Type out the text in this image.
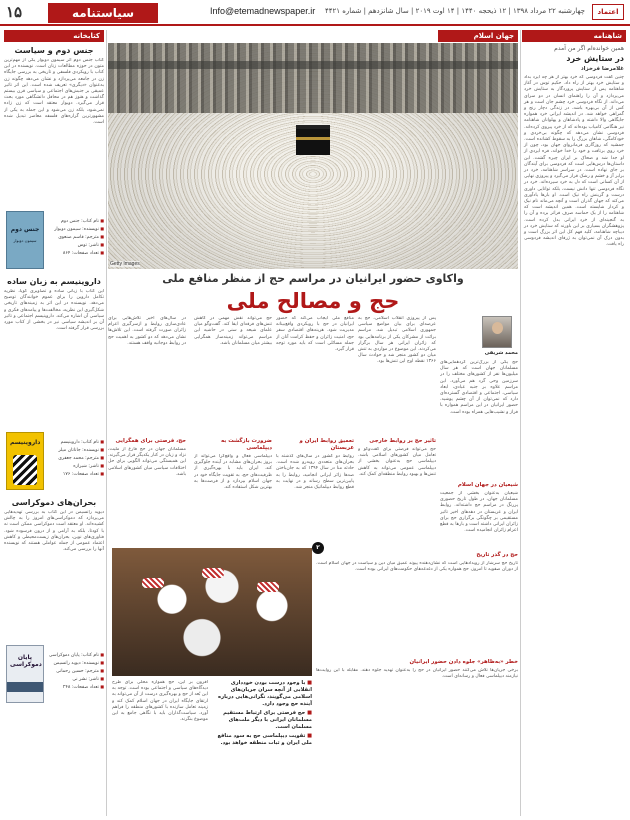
۱۵	سیاستنامه	Info@etemadnewspaper.ir	چهارشنبه ۲۲ مرداد ۱۳۹۸ | ۱۲ ذیحجه ۱۴۴۰ | ۱۴ اوت ۲۰۱۹ | سال شانزدهم | شماره ۴۴۲۱	اعتماد
کتابخانه
جنس دوم و سیاست
کتاب جنس دوم اثر سیمون دوبوار یکی از مهم‌ترین متون در حوزه مطالعات زنان است. نویسنده در این کتاب با رویکردی فلسفی و تاریخی به بررسی جایگاه زن در جامعه می‌پردازد و نشان می‌دهد چگونه زن به‌عنوان «دیگری» تعریف شده است. این اثر تاثیر عمیقی بر جنبش‌های اجتماعی و سیاسی قرن بیستم گذاشت و هنوز هم در محافل دانشگاهی مورد بحث قرار می‌گیرد. دوبوار معتقد است که زن زاده نمی‌شود، بلکه زن می‌شود و این جمله به یکی از مشهورترین گزاره‌های فلسفه معاصر تبدیل شده است.
جنس دوم
سیمون دوبوار
■ نام کتاب: جنس دوم
■ نویسنده: سیمون دوبوار
■ مترجم: قاسم صنعوی
■ ناشر: توس
■ تعداد صفحات: ۸۶۴
داروینیسم به زبان ساده
این کتاب با زبانی ساده و تصاویری گویا، نظریه تکامل داروین را برای عموم خوانندگان توضیح می‌دهد. نویسنده در این اثر به زمینه‌های تاریخی شکل‌گیری این نظریه، مخالفت‌ها و پیامدهای فکری و سیاسی آن اشاره می‌کند. داروینیسم اجتماعی و تاثیر آن بر اندیشه سیاسی نیز در بخشی از کتاب مورد بررسی قرار گرفته است.
داروینیسم
■	نام کتاب: داروینیسم
■ نویسنده: جاناتان میلر
■ مترجم: محمد جعفری
■ ناشر: شیرازه
■ تعداد صفحات: ۱۷۶
بحران‌های دموکراسی
دیوید رانسیمن در این کتاب به بررسی تهدیدهایی می‌پردازد که دموکراسی‌های امروز را به چالش کشیده‌اند. او معتقد است دموکراسی ممکن است نه با کودتا، بلکه به آرامی و از درون فرسوده شود. فناوری‌های نوین، بحران‌های زیست‌محیطی و کاهش اعتماد عمومی از جمله عواملی هستند که نویسنده آنها را بررسی می‌کند.
پایان دموکراسی
■ نام کتاب: پایان دموکراسی
■ نویسنده: دیوید رانسیمن
■ مترجم: حسین رحمانی
■ ناشر: نشر نی
■ تعداد صفحات: ۲۴۸
جهان اسلام
Getty Images
واکاوی حضور ایرانیان در مراسم حج از منظر منافع ملی
حج و مصالح ملی
محمد شریفی
حج یکی از بزرگ‌ترین گردهمایی‌های مسلمانان جهان است که هر سال میلیون‌ها نفر از کشورهای مختلف را در سرزمین وحی گرد هم می‌آورد. این مراسم علاوه بر جنبه عبادی، ابعاد سیاسی، اجتماعی و اقتصادی گسترده‌ای دارد که نمی‌توان از آن چشم پوشید. حضور ایرانیان در این مراسم همواره با فراز و نشیب‌هایی همراه بوده است.
شیعیان در جهان اسلام
شیعیان به‌عنوان بخشی از جمعیت مسلمانان جهان، در طول تاریخ حضوری پررنگ در مراسم حج داشته‌اند. روابط ایران و عربستان در دهه‌های اخیر تاثیر مستقیمی بر چگونگی برگزاری حج برای زائران ایرانی داشته است و بارها به قطع اعزام زائران انجامیده است.
پس از پیروزی انقلاب اسلامی، حج به عرصه‌ای برای بیان مواضع سیاسی جمهوری اسلامی تبدیل شد. مراسم برائت از مشرکان یکی از برنامه‌هایی بود که زائران ایرانی هر سال برگزار می‌کردند. این موضوع در مواردی به تنش میان دو کشور منجر شد و حوادث سال ۱۳۶۶ نقطه اوج این تنش‌ها بود.
تاثیر حج بر روابط خارجی
حج می‌تواند فرصتی برای گفت‌وگو و تعامل میان کشورهای اسلامی باشد. دیپلماسی حج به‌عنوان بخشی از دیپلماسی عمومی می‌تواند به کاهش تنش‌ها و بهبود روابط منطقه‌ای کمک کند.
منافع ملی ایجاب می‌کند که حضور ایرانیان در حج با رویکردی واقع‌بینانه مدیریت شود. هزینه‌های اقتصادی سفر حج، امنیت زائران و حفظ کرامت آنان از جمله مسائلی است که باید مورد توجه قرار گیرد.
تعمیق روابط ایران و عربستان
روابط دو کشور در سال‌های گذشته با بحران‌های متعددی روبه‌رو شده است. حادثه منا در سال ۱۳۹۴ که به جان‌باختن صدها زائر ایرانی انجامید، روابط را به پایین‌ترین سطح رساند و در نهایت به قطع روابط دیپلماتیک منجر شد.
حج می‌تواند نقش مهمی در کاهش تنش‌های فرقه‌ای ایفا کند. گفت‌وگو میان علمای شیعه و سنی در حاشیه این مراسم می‌تواند زمینه‌ساز همگرایی بیشتر میان مسلمانان باشد.
ضرورت بازگشت به دیپلماسی
دیپلماسی فعال و واقع‌گرا می‌تواند از بروز بحران‌های مشابه در آینده جلوگیری کند. ایران باید با بهره‌گیری از ظرفیت‌های حج، به تقویت جایگاه خود در جهان اسلام بپردازد و از فرصت‌ها به بهترین شکل استفاده کند.
در سال‌های اخیر تلاش‌هایی برای عادی‌سازی روابط و ازسرگیری اعزام زائران صورت گرفته است. این تلاش‌ها نشان می‌دهد که دو کشور به اهمیت حج در روابط دوجانبه واقف هستند.
حج، فرصتی برای همگرایی
مسلمانان جهان در حج فارغ از ملیت، نژاد و زبان در کنار یکدیگر قرار می‌گیرند. این همبستگی می‌تواند الگویی برای حل اختلافات سیاسی میان کشورهای اسلامی باشد.
۲
افزون بر این، حج همواره محلی برای طرح دیدگاه‌های سیاسی و اجتماعی بوده است. توجه به این بُعد از حج و بهره‌گیری درست از آن می‌تواند به ارتقای جایگاه ایران در جهان اسلام کمک کند و زمینه تعامل سازنده با کشورهای منطقه را فراهم آورد. سیاست‌گذاران باید با نگاهی جامع به این موضوع بنگرند.
■ با وجود درست بودن خودداری انقلابی از آنچه سران جریان‌های اسلامی می‌گویند، نگرانی‌هایی درباره آینده حج وجود دارد.
■ حج فرصتی برای ارتباط مستقیم مسلمانان ایرانی با دیگر ملت‌های مسلمان است.
■ تقویت دیپلماسی حج به سود منافع ملی ایران و ثبات منطقه خواهد بود.
حج در گذر تاریخ
تاریخ حج سرشار از رویدادهایی است که نشان‌دهنده پیوند عمیق میان دین و سیاست در جهان اسلام است. از دوران صفویه تا امروز، حج همواره یکی از دغدغه‌های حکومت‌های ایرانی بوده است.
خطر «به‌ظاهر» جلوه دادن حضور ایرانیان
برخی جریان‌ها تلاش می‌کنند حضور ایرانیان در حج را به‌عنوان تهدید جلوه دهند. مقابله با این روایت‌ها نیازمند دیپلماسی فعال و رسانه‌ای است.
شاهنامه
همین خوانده‌ام اگر من آمدم
در ستایش خرد
غلامرضا فرخزاد
چنین گفت فردوسی که خرد بهتر از هر چه ایزد بداد و ستایش خرد بهتر از راه داد. حکیم توس در آغاز شاهنامه پس از ستایش پروردگار به ستایش خرد می‌پردازد و آن را راهنمای انسان در دو سرای می‌داند. از نگاه فردوسی خرد چشم جان است و هر کس از آن بی‌بهره باشد، در زندگی دچار رنج و گمراهی خواهد شد. در اندیشه ایرانی خرد همواره جایگاهی والا داشته و پادشاهان و پهلوانان شاهنامه نیز هنگامی کامیاب بوده‌اند که از خرد پیروی کرده‌اند. فردوسی نشان می‌دهد که چگونه بی‌خردی و خودکامگی، شاهان بزرگ را به سقوط کشانده است. جمشید که روزگاری فرمانروای جهان بود، چون از خرد روی برتافت و خود را خدا خواند، فره ایزدی از او جدا شد و ضحاک بر ایران چیره گشت. این داستان‌ها درس‌هایی است که فردوسی برای آیندگان بر جای نهاده است. در سراسر شاهنامه، خرد در برابر آز و خشم و رشک قرار می‌گیرد و پیروزی نهایی از آن کسانی است که دل به خرد سپرده‌اند. خرد در نگاه فردوسی تنها دانش نیست، بلکه توانایی داوری درست و گزینش راه نیک است. او بارها یادآوری می‌کند که جهان گذران است و آنچه می‌ماند نام نیک و کردار شایسته است. همین اندیشه است که شاهنامه را از یک حماسه صرف فراتر برده و آن را به گنجینه‌ای از خرد ایرانی بدل کرده است. پژوهشگران بسیاری بر این باورند که ستایش خرد در دیباچه شاهنامه، کلید فهم کل این اثر بزرگ است و بدون درک آن نمی‌توان به ژرفای اندیشه فردوسی راه یافت.
